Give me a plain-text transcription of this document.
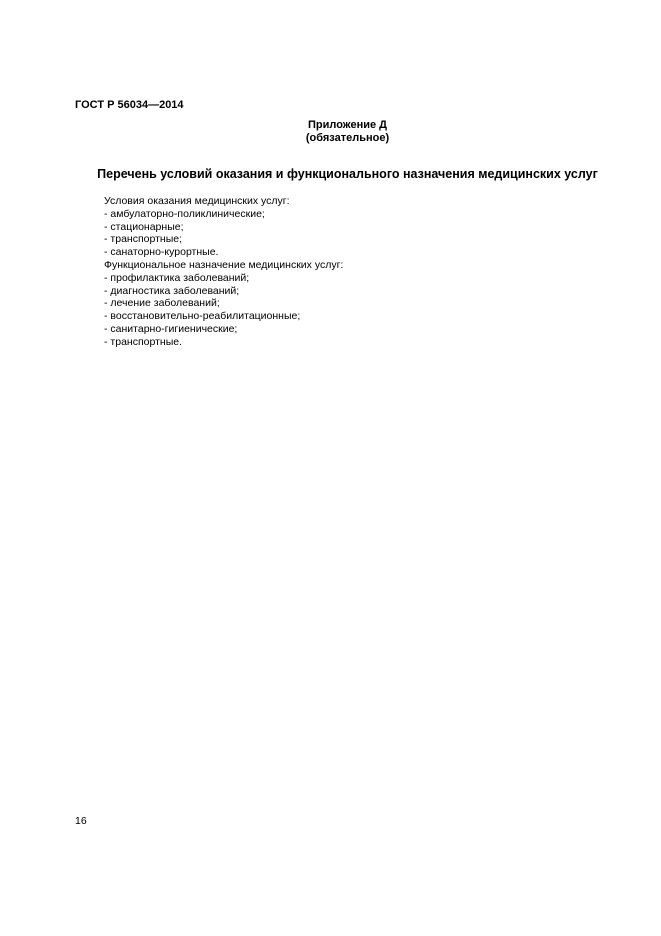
ГОСТ Р 56034—2014
Приложение Д
(обязательное)
Перечень условий оказания и функционального назначения медицинских услуг
Условия оказания медицинских услуг:
- амбулаторно-поликлинические;
- стационарные;
- транспортные;
- санаторно-курортные.
Функциональное назначение медицинских услуг:
- профилактика заболеваний;
- диагностика заболеваний;
- лечение заболеваний;
- восстановительно-реабилитационные;
- санитарно-гигиенические;
- транспортные.
16
